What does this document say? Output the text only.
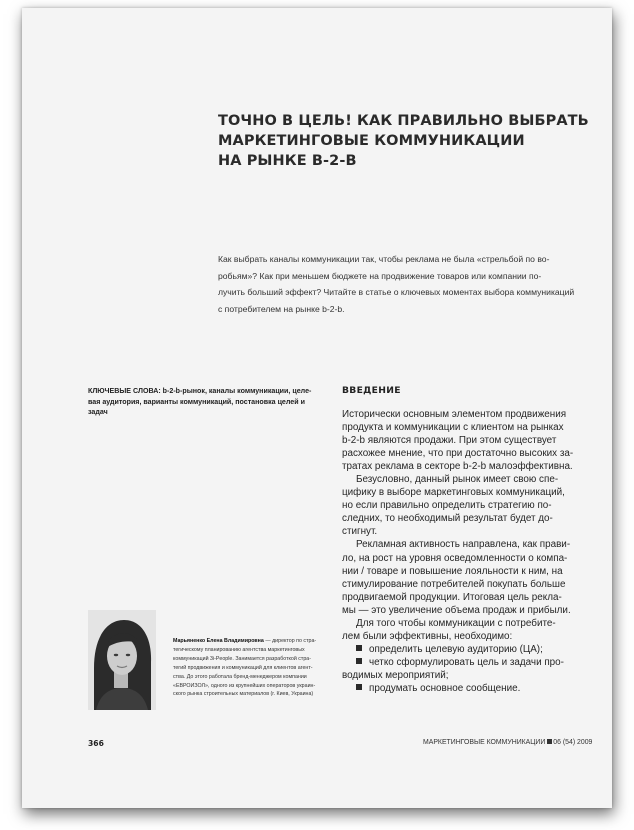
ТОЧНО В ЦЕЛЬ! КАК ПРАВИЛЬНО ВЫБРАТЬ
МАРКЕТИНГОВЫЕ КОММУНИКАЦИИ
НА РЫНКЕ В-2-В
Как выбрать каналы коммуникации так, чтобы реклама не была «стрельбой по во-
робьям»? Как при меньшем бюджете на продвижение товаров или компании по-
лучить больший эффект? Читайте в статье о ключевых моментах выбора коммуникаций
с потребителем на рынке b-2-b.
КЛЮЧЕВЫЕ СЛОВА: b-2-b-рынок, каналы коммуникации, целе-
вая аудитория, варианты коммуникаций, постановка целей и
задач
ВВЕДЕНИЕ
Исторически основным элементом продвижения
продукта и коммуникации с клиентом на рынках
b-2-b являются продажи. При этом существует
расхожее мнение, что при достаточно высоких за-
тратах реклама в секторе b-2-b малоэффективна.
Безусловно, данный рынок имеет свою спе-
цифику в выборе маркетинговых коммуникаций,
но если правильно определить стратегию по-
следних, то необходимый результат будет до-
стигнут.
Рекламная активность направлена, как прави-
ло, на рост на уровня осведомленности о компа-
нии / товаре и повышение лояльности к ним, на
стимулирование потребителей покупать больше
продвигаемой продукции. Итоговая цель рекла-
мы — это увеличение объема продаж и прибыли.
Для того чтобы коммуникации с потребите-
лем были эффективны, необходимо:
определить целевую аудиторию (ЦА);
четко сформулировать цель и задачи про-
водимых мероприятий;
продумать основное сообщение.
Марьяненко Елена Владимировна — директор по стра-
тегическому планированию агентства маркетинговых
коммуникаций 3i-People. Занимается разработкой стра-
тегий продвижения и коммуникаций для клиентов агент-
ства. До этого работала бренд-менеджером компании
«ЕВРОИЗОЛ», одного из крупнейших операторов украин-
ского рынка строительных материалов (г. Киев, Украина)
366	МАРКЕТИНГОВЫЕ КОММУНИКАЦИИ 06 (54) 2009
